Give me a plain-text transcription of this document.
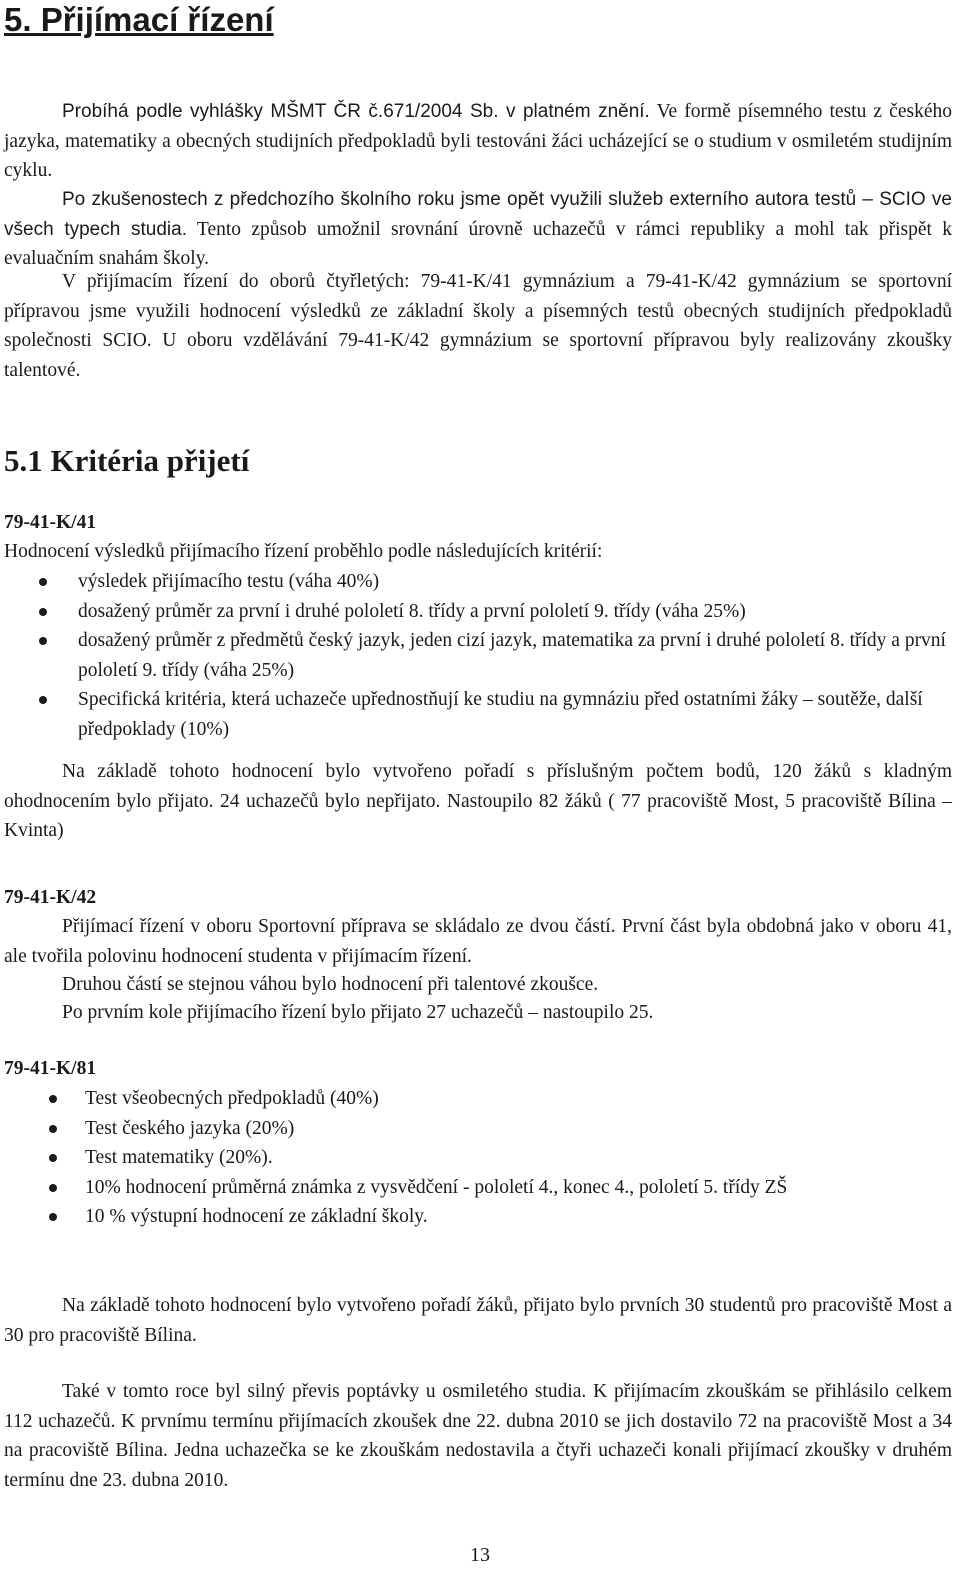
5. Přijímací řízení

Probíhá podle vyhlášky MŠMT ČR č.671/2004 Sb. v platném znění. Ve formě písemného testu z českého jazyka, matematiky a obecných studijních předpokladů byli testováni žáci ucházející se o studium v osmiletém studijním cyklu.

Po zkušenostech z předchozího školního roku jsme opět využili služeb externího autora testů – SCIO ve všech typech studia. Tento způsob umožnil srovnání úrovně uchazečů v rámci republiky a mohl tak přispět k evaluačním snahám školy.

V přijímacím řízení do oborů čtyřletých: 79-41-K/41 gymnázium a 79-41-K/42 gymnázium se sportovní přípravou jsme využili hodnocení výsledků ze základní školy a písemných testů obecných studijních předpokladů společnosti SCIO. U oboru vzdělávání 79-41-K/42 gymnázium se sportovní přípravou byly realizovány zkoušky talentové.

5.1 Kritéria přijetí
79-41-K/41
Hodnocení výsledků přijímacího řízení proběhlo podle následujících kritérií:
výsledek přijímacího testu (váha 40%)
dosažený průměr za první i druhé pololetí 8. třídy a první pololetí 9. třídy (váha 25%)
dosažený průměr z předmětů český jazyk, jeden cizí jazyk, matematika za první i druhé pololetí 8. třídy a první pololetí 9. třídy (váha 25%)
Specifická kritéria, která uchazeče upřednostňují ke studiu na gymnáziu před ostatními žáky – soutěže, další předpoklady (10%)

Na základě tohoto hodnocení bylo vytvořeno pořadí s příslušným počtem bodů, 120 žáků s kladným ohodnocením bylo přijato. 24 uchazečů bylo nepřijato. Nastoupilo 82 žáků ( 77 pracoviště Most, 5 pracoviště Bílina – Kvinta)

79-41-K/42

Přijímací řízení v oboru Sportovní příprava se skládalo ze dvou částí. První část byla obdobná jako v oboru 41, ale tvořila polovinu hodnocení studenta v přijímacím řízení.

Druhou částí se stejnou váhou bylo hodnocení při talentové zkoušce.

Po prvním kole přijímacího řízení bylo přijato 27 uchazečů – nastoupilo 25.

79-41-K/81
Test všeobecných předpokladů (40%)
Test českého jazyka (20%)
Test matematiky (20%).
10% hodnocení průměrná známka z vysvědčení - pololetí 4., konec 4., pololetí 5. třídy ZŠ
10 % výstupní hodnocení ze základní školy.

Na základě tohoto hodnocení bylo vytvořeno pořadí žáků, přijato bylo prvních 30 studentů pro pracoviště Most a 30 pro pracoviště Bílina.

Také v tomto roce byl silný převis poptávky u osmiletého studia. K přijímacím zkouškám se přihlásilo celkem 112 uchazečů. K prvnímu termínu přijímacích zkoušek dne 22. dubna 2010 se jich dostavilo 72 na pracoviště Most a 34 na pracoviště Bílina. Jedna uchazečka se ke zkouškám nedostavila a čtyři uchazeči konali přijímací zkoušky v druhém termínu dne 23. dubna 2010.

13
